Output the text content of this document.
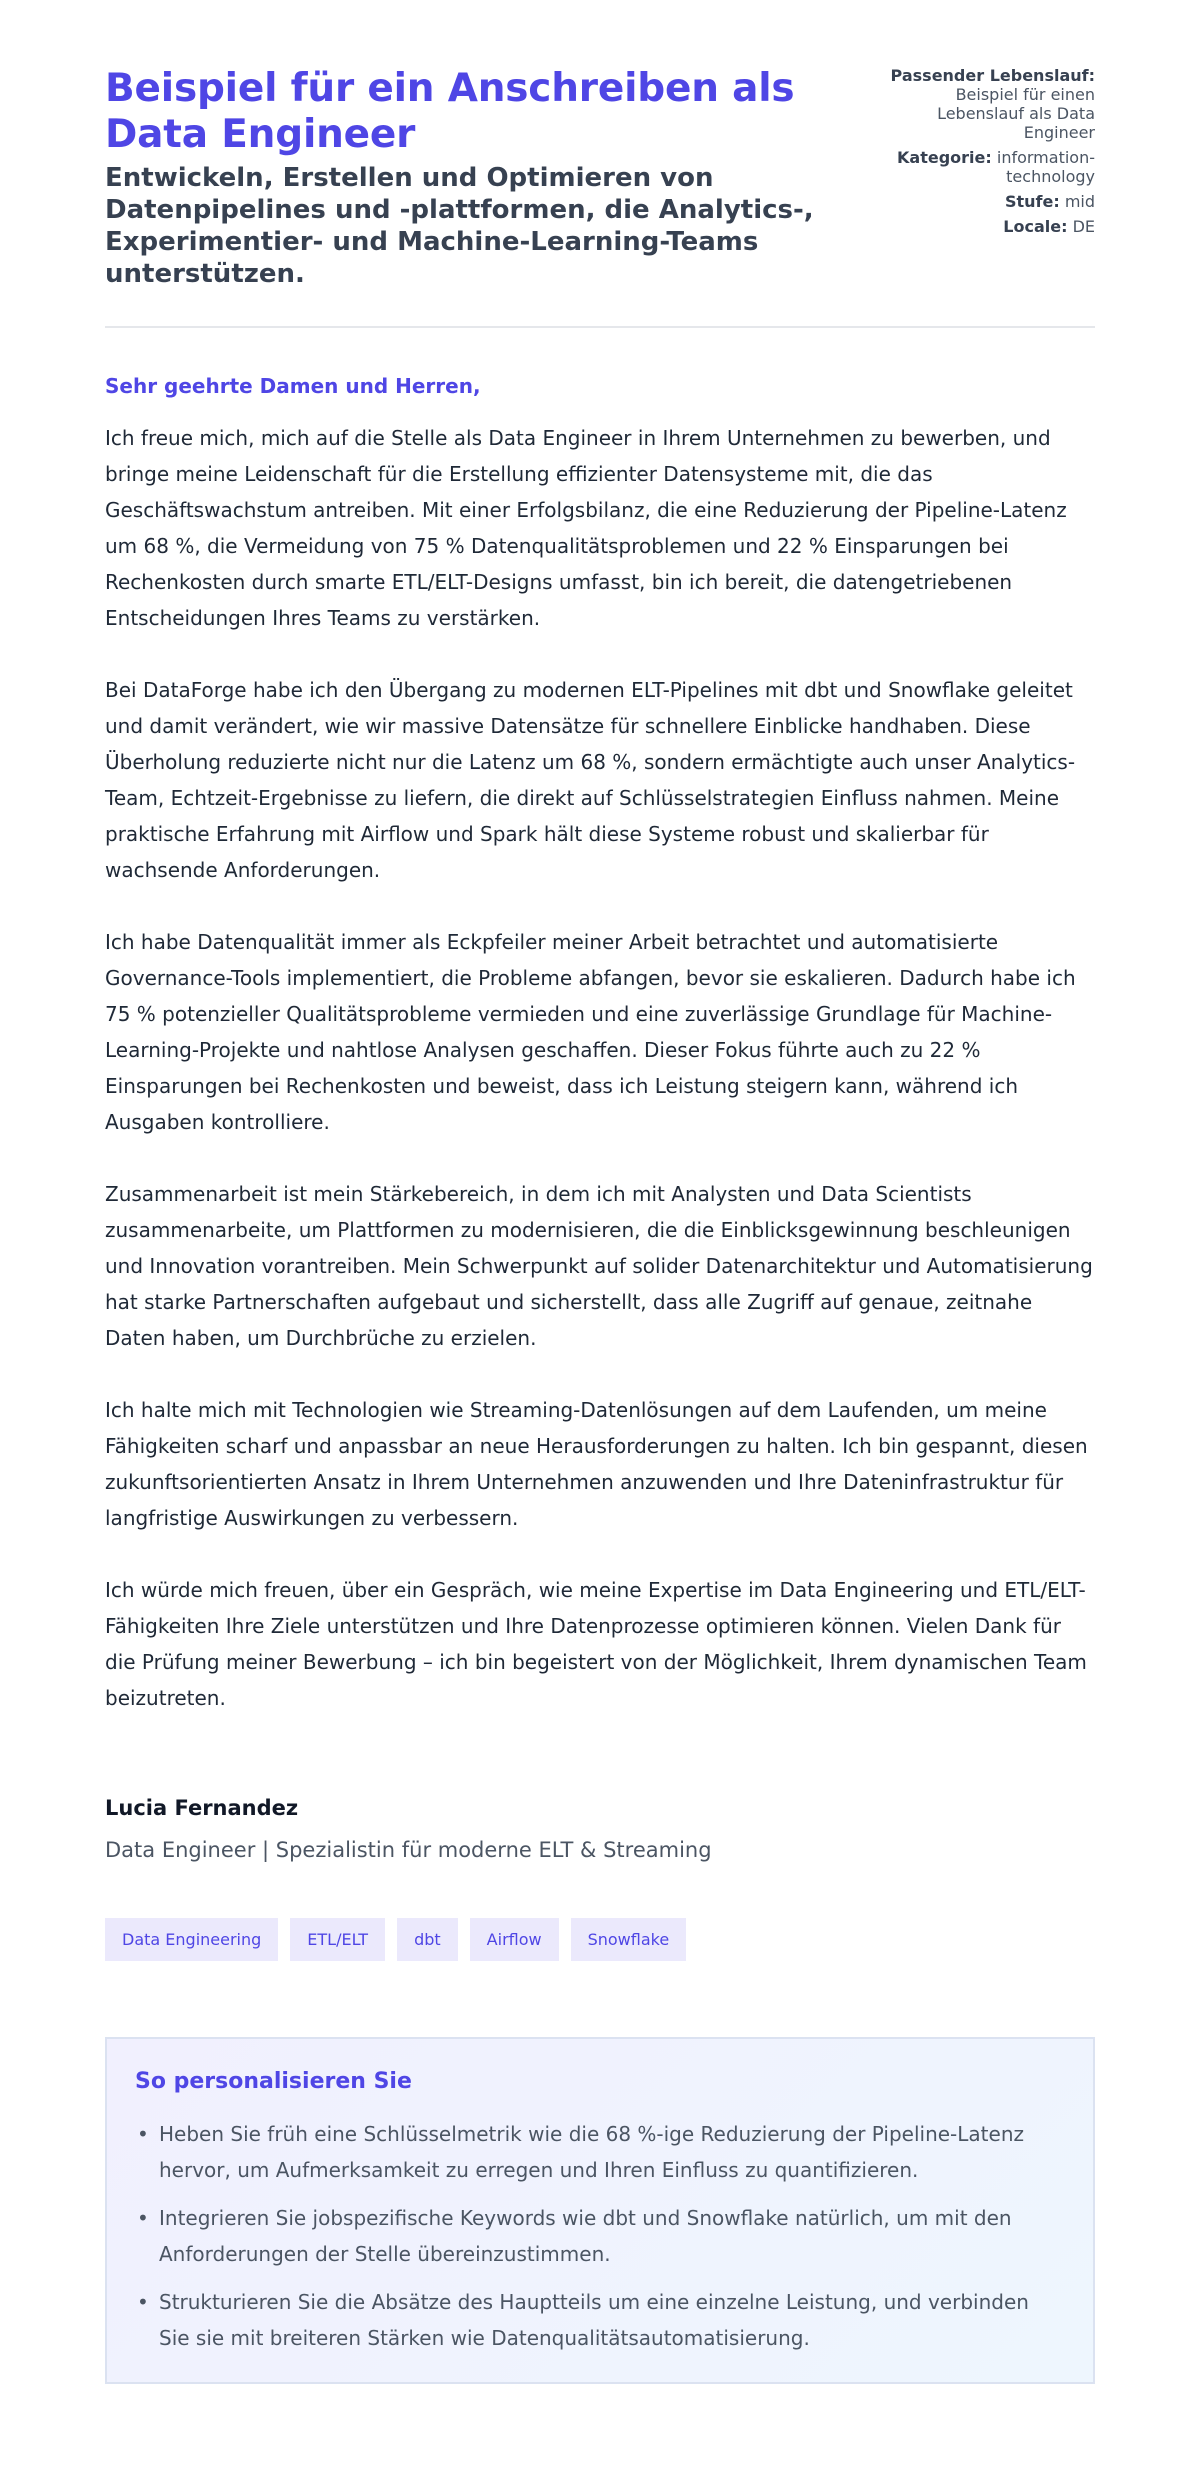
Beispiel für ein Anschreiben als Data Engineer
Entwickeln, Erstellen und Optimieren von Datenpipelines und -plattformen, die Analytics-, Experimentier- und Machine-Learning-Teams unterstützen.
Passender Lebenslauf: Beispiel für einen Lebenslauf als Data Engineer
Kategorie: information-technology
Stufe: mid
Locale: DE

Sehr geehrte Damen und Herren,

Ich freue mich, mich auf die Stelle als Data Engineer in Ihrem Unternehmen zu bewerben, und bringe meine Leidenschaft für die Erstellung effizienter Datensysteme mit, die das Geschäftswachstum antreiben. Mit einer Erfolgsbilanz, die eine Reduzierung der Pipeline-Latenz um 68 %, die Vermeidung von 75 % Datenqualitätsproblemen und 22 % Einsparungen bei Rechenkosten durch smarte ETL/ELT-Designs umfasst, bin ich bereit, die datengetriebenen Entscheidungen Ihres Teams zu verstärken.

Bei DataForge habe ich den Übergang zu modernen ELT-Pipelines mit dbt und Snowflake geleitet und damit verändert, wie wir massive Datensätze für schnellere Einblicke handhaben. Diese Überholung reduzierte nicht nur die Latenz um 68 %, sondern ermächtigte auch unser Analytics-Team, Echtzeit-Ergebnisse zu liefern, die direkt auf Schlüsselstrategien Einfluss nahmen. Meine praktische Erfahrung mit Airflow und Spark hält diese Systeme robust und skalierbar für wachsende Anforderungen.

Ich habe Datenqualität immer als Eckpfeiler meiner Arbeit betrachtet und automatisierte Governance-Tools implementiert, die Probleme abfangen, bevor sie eskalieren. Dadurch habe ich 75 % potenzieller Qualitätsprobleme vermieden und eine zuverlässige Grundlage für Machine-Learning-Projekte und nahtlose Analysen geschaffen. Dieser Fokus führte auch zu 22 % Einsparungen bei Rechenkosten und beweist, dass ich Leistung steigern kann, während ich Ausgaben kontrolliere.

Zusammenarbeit ist mein Stärkebereich, in dem ich mit Analysten und Data Scientists zusammenarbeite, um Plattformen zu modernisieren, die die Einblicksgewinnung beschleunigen und Innovation vorantreiben. Mein Schwerpunkt auf solider Datenarchitektur und Automatisierung hat starke Partnerschaften aufgebaut und sicherstellt, dass alle Zugriff auf genaue, zeitnahe Daten haben, um Durchbrüche zu erzielen.

Ich halte mich mit Technologien wie Streaming-Datenlösungen auf dem Laufenden, um meine Fähigkeiten scharf und anpassbar an neue Herausforderungen zu halten. Ich bin gespannt, diesen zukunftsorientierten Ansatz in Ihrem Unternehmen anzuwenden und Ihre Dateninfrastruktur für langfristige Auswirkungen zu verbessern.

Ich würde mich freuen, über ein Gespräch, wie meine Expertise im Data Engineering und ETL/ELT-Fähigkeiten Ihre Ziele unterstützen und Ihre Datenprozesse optimieren können. Vielen Dank für die Prüfung meiner Bewerbung – ich bin begeistert von der Möglichkeit, Ihrem dynamischen Team beizutreten.

Lucia Fernandez
Data Engineer | Spezialistin für moderne ELT & Streaming
Data Engineering	ETL/ELT	dbt	Airflow	Snowflake
So personalisieren Sie
• Heben Sie früh eine Schlüsselmetrik wie die 68 %-ige Reduzierung der Pipeline-Latenz hervor, um Aufmerksamkeit zu erregen und Ihren Einfluss zu quantifizieren.
• Integrieren Sie jobspezifische Keywords wie dbt und Snowflake natürlich, um mit den Anforderungen der Stelle übereinzustimmen.
• Strukturieren Sie die Absätze des Hauptteils um eine einzelne Leistung, und verbinden Sie sie mit breiteren Stärken wie Datenqualitätsautomatisierung.
